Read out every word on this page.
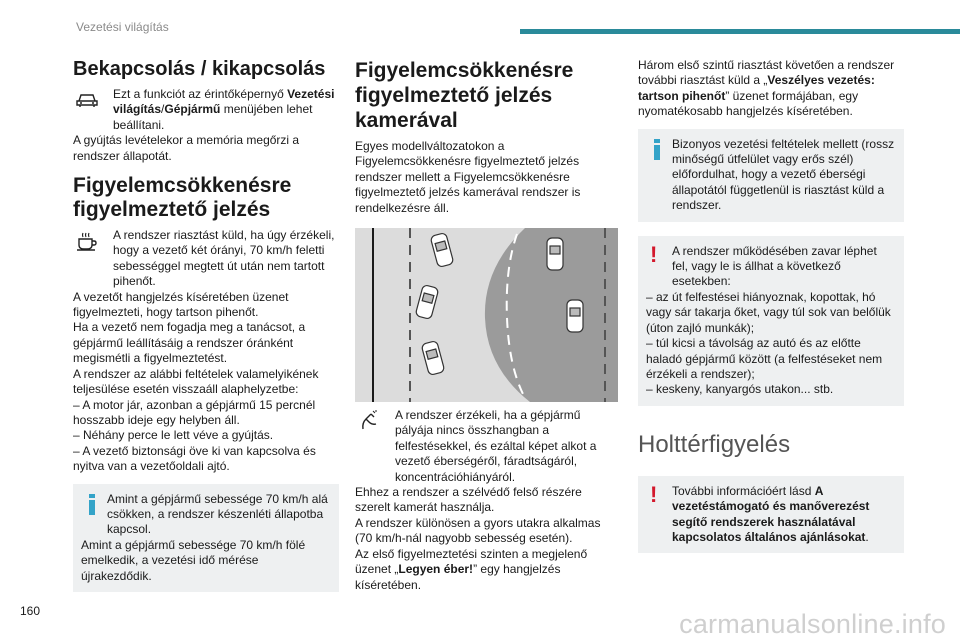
Vezetési világítás
Bekapcsolás / kikapcsolás

Ezt a funkciót az érintőképernyő Vezetési világítás/Gépjármű menüjében lehet beállítani.

A gyújtás levételekor a memória megőrzi a rendszer állapotát.

Figyelemcsökkenésre figyelmeztető jelzés

A rendszer riasztást küld, ha úgy érzékeli, hogy a vezető két órányi, 70 km/h feletti sebességgel megtett út után nem tartott pihenőt.

A vezetőt hangjelzés kíséretében üzenet figyelmezteti, hogy tartson pihenőt.

Ha a vezető nem fogadja meg a tanácsot, a gépjármű leállításáig a rendszer óránként megismétli a figyelmeztetést.

A rendszer az alábbi feltételek valamelyikének teljesülése esetén visszaáll alaphelyzetbe:

– A motor jár, azonban a gépjármű 15 percnél hosszabb ideje egy helyben áll.

– Néhány perce le lett véve a gyújtás.

– A vezető biztonsági öve ki van kapcsolva és nyitva van a vezetőoldali ajtó.

Amint a gépjármű sebessége 70 km/h alá csökken, a rendszer készenléti állapotba kapcsol.

Amint a gépjármű sebessége 70 km/h fölé emelkedik, a vezetési idő mérése újrakezdődik.

Figyelemcsökkenésre figyelmeztető jelzés kamerával

Egyes modellváltozatokon a Figyelemcsökkenésre figyelmeztető jelzés rendszer mellett a Figyelemcsökkenésre figyelmeztető jelzés kamerával rendszer is rendelkezésre áll.

A rendszer érzékeli, ha a gépjármű pályája nincs összhangban a felfestésekkel, és ezáltal képet alkot a vezető éberségéről, fáradtságáról, koncentrációhiányáról.

Ehhez a rendszer a szélvédő felső részére szerelt kamerát használja.

A rendszer különösen a gyors utakra alkalmas (70 km/h-nál nagyobb sebesség esetén).

Az első figyelmeztetési szinten a megjelenő üzenet „Legyen éber!” egy hangjelzés kíséretében.

Három első szintű riasztást követően a rendszer további riasztást küld a „Veszélyes vezetés: tartson pihenőt” üzenet formájában, egy nyomatékosabb hangjelzés kíséretében.

Bizonyos vezetési feltételek mellett (rossz minőségű útfelület vagy erős szél) előfordulhat, hogy a vezető éberségi állapotától függetlenül is riasztást küld a rendszer.

!	A rendszer működésében zavar léphet fel, vagy le is állhat a következő esetekben:

– az út felfestései hiányoznak, kopottak, hó vagy sár takarja őket, vagy túl sok van belőlük (úton zajló munkák);

– túl kicsi a távolság az autó és az előtte haladó gépjármű között (a felfestéseket nem érzékeli a rendszer);

– keskeny, kanyargós utakon... stb.

Holttérfigyelés
!	További információért lásd A vezetéstámogató és manőverezést segítő rendszerek használatával kapcsolatos általános ajánlásokat.

160	carmanualsonline.info
